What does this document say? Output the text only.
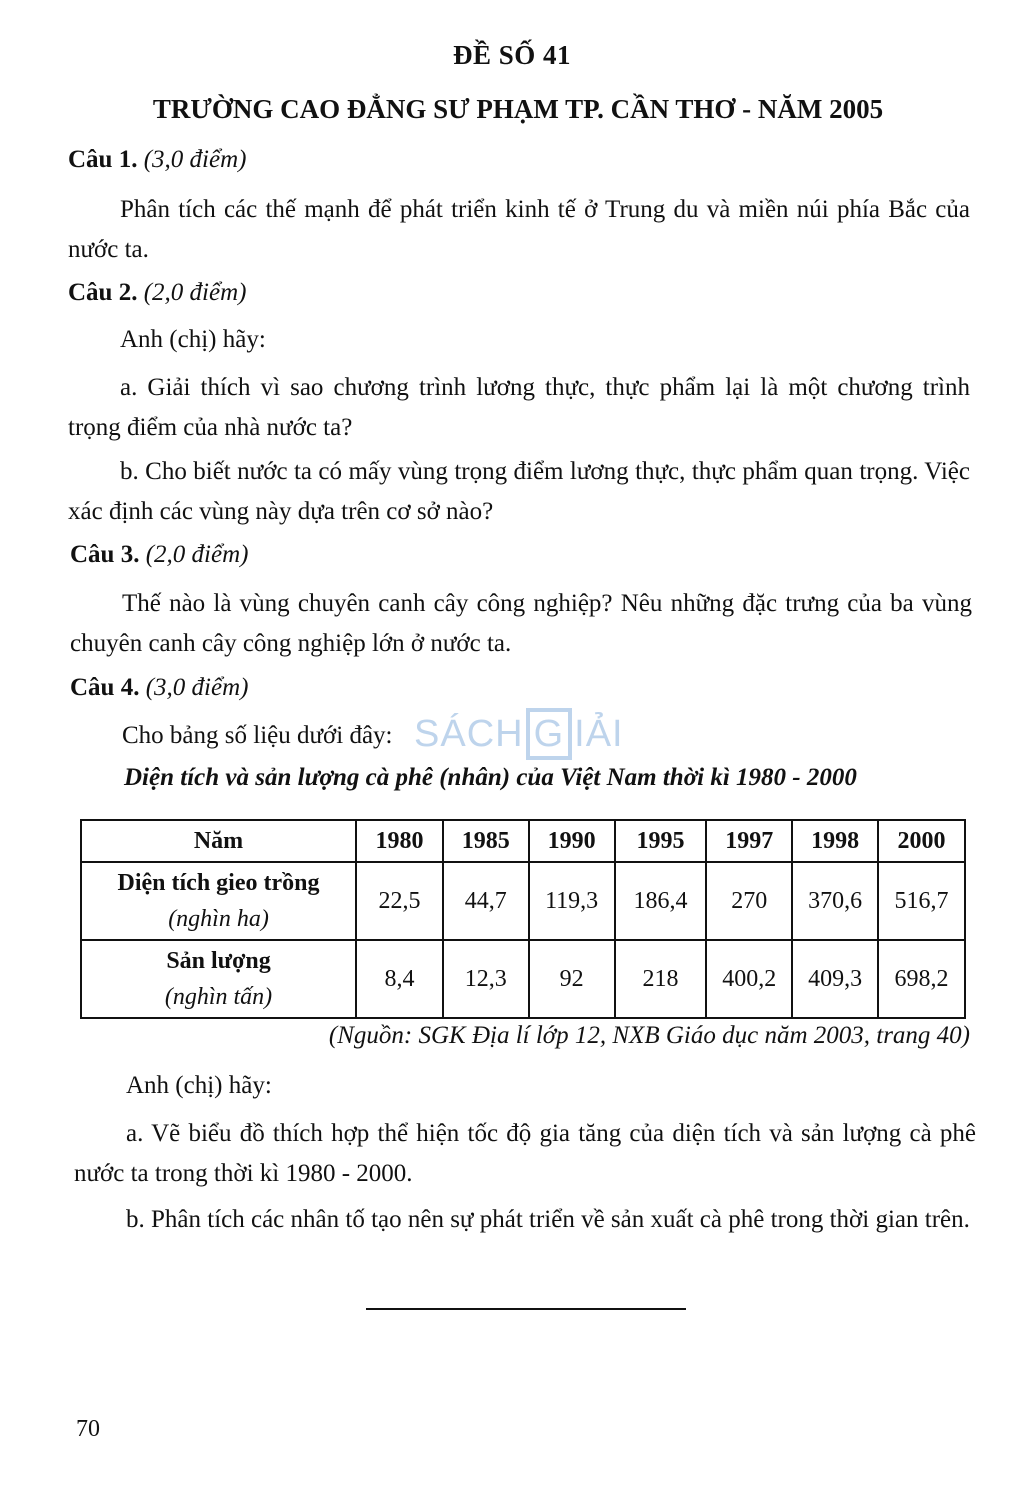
ĐỀ SỐ 41
TRƯỜNG CAO ĐẲNG SƯ PHẠM TP. CẦN THƠ - NĂM 2005
Câu 1. (3,0 điểm)
Phân tích các thế mạnh để phát triển kinh tế ở Trung du và miền núi phía Bắc của nước ta.
Câu 2. (2,0 điểm)
Anh (chị) hãy:
a. Giải thích vì sao chương trình lương thực, thực phẩm lại là một chương trình trọng điểm của nhà nước ta?
b. Cho biết nước ta có mấy vùng trọng điểm lương thực, thực phẩm quan trọng. Việc xác định các vùng này dựa trên cơ sở nào?
Câu 3. (2,0 điểm)
Thế nào là vùng chuyên canh cây công nghiệp? Nêu những đặc trưng của ba vùng chuyên canh cây công nghiệp lớn ở nước ta.
Câu 4. (3,0 điểm)
Cho bảng số liệu dưới đây: SÁCH G IẢI
Diện tích và sản lượng cà phê (nhân) của Việt Nam thời kì 1980 - 2000
Năm	1980	1985	1990	1995	1997	1998	2000
Diện tích gieo trồng
(nghìn ha)	22,5	44,7	119,3	186,4	270	370,6	516,7
Sản lượng
(nghìn tấn)	8,4	12,3	92	218	400,2	409,3	698,2
(Nguồn: SGK Địa lí lớp 12, NXB Giáo dục năm 2003, trang 40)
Anh (chị) hãy:
a. Vẽ biểu đồ thích hợp thể hiện tốc độ gia tăng của diện tích và sản lượng cà phê nước ta trong thời kì 1980 - 2000.
b. Phân tích các nhân tố tạo nên sự phát triển về sản xuất cà phê trong thời gian trên.
70
